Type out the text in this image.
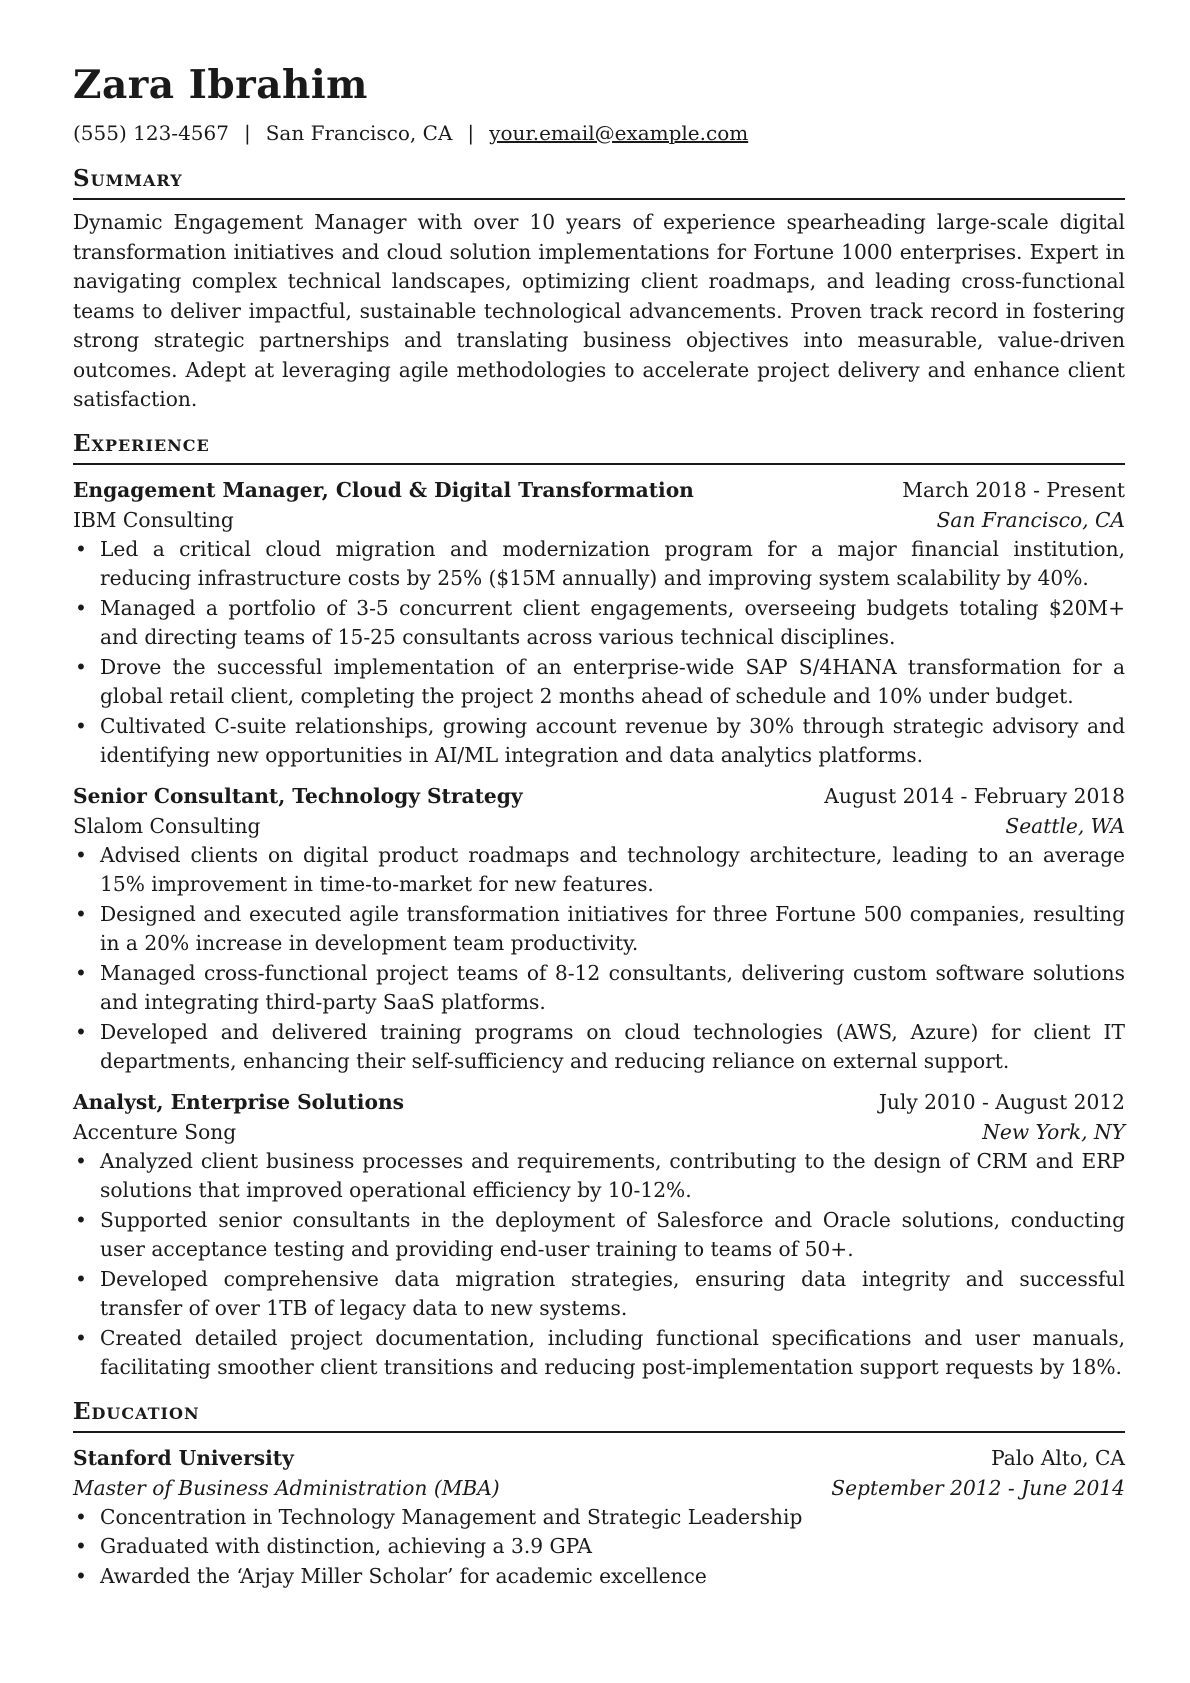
Zara Ibrahim
(555) 123-4567 | San Francisco, CA | your.email@example.com
Summary
Dynamic Engagement Manager with over 10 years of experience spearheading large-scale digital transformation initiatives and cloud solution implementations for Fortune 1000 enterprises. Expert in navigating complex technical landscapes, optimizing client roadmaps, and leading cross-functional teams to deliver impactful, sustainable technological advancements. Proven track record in fostering strong strategic partnerships and translating business objectives into measurable, value-driven outcomes. Adept at leveraging agile methodologies to accelerate project delivery and enhance client satisfaction.
Experience
Engagement Manager, Cloud & Digital Transformation	March 2018 - Present
IBM Consulting	San Francisco, CA
• Led a critical cloud migration and modernization program for a major financial institution, reducing infrastructure costs by 25% ($15M annually) and improving system scalability by 40%.
• Managed a portfolio of 3-5 concurrent client engagements, overseeing budgets totaling $20M+ and directing teams of 15-25 consultants across various technical disciplines.
• Drove the successful implementation of an enterprise-wide SAP S/4HANA transformation for a global retail client, completing the project 2 months ahead of schedule and 10% under budget.
• Cultivated C-suite relationships, growing account revenue by 30% through strategic advisory and identifying new opportunities in AI/ML integration and data analytics platforms.
Senior Consultant, Technology Strategy	August 2014 - February 2018
Slalom Consulting	Seattle, WA
• Advised clients on digital product roadmaps and technology architecture, leading to an average 15% improvement in time-to-market for new features.
• Designed and executed agile transformation initiatives for three Fortune 500 companies, resulting in a 20% increase in development team productivity.
• Managed cross-functional project teams of 8-12 consultants, delivering custom software solutions and integrating third-party SaaS platforms.
• Developed and delivered training programs on cloud technologies (AWS, Azure) for client IT departments, enhancing their self-sufficiency and reducing reliance on external support.
Analyst, Enterprise Solutions	July 2010 - August 2012
Accenture Song	New York, NY
• Analyzed client business processes and requirements, contributing to the design of CRM and ERP solutions that improved operational efficiency by 10-12%.
• Supported senior consultants in the deployment of Salesforce and Oracle solutions, conducting user acceptance testing and providing end-user training to teams of 50+.
• Developed comprehensive data migration strategies, ensuring data integrity and successful transfer of over 1TB of legacy data to new systems.
• Created detailed project documentation, including functional specifications and user manuals, facilitating smoother client transitions and reducing post-implementation support requests by 18%.
Education
Stanford University	Palo Alto, CA
Master of Business Administration (MBA)	September 2012 - June 2014
• Concentration in Technology Management and Strategic Leadership
• Graduated with distinction, achieving a 3.9 GPA
• Awarded the ‘Arjay Miller Scholar’ for academic excellence
